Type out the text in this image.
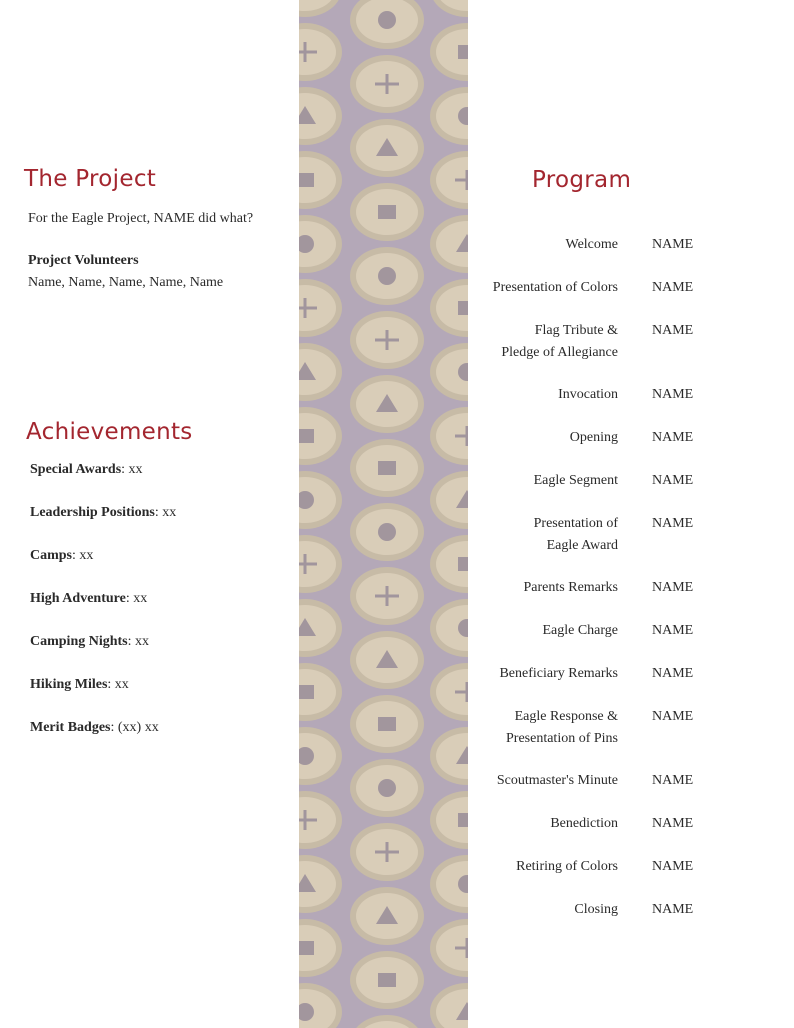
The Project
For the Eagle Project, NAME did what?
Project Volunteers
Name, Name, Name, Name, Name
Achievements
Special Awards: xx
Leadership Positions: xx
Camps: xx
High Adventure: xx
Camping Nights: xx
Hiking Miles: xx
Merit Badges: (xx) xx
Program
Welcome NAME
Presentation of Colors NAME
Flag Tribute &
Pledge of Allegiance
NAME
Invocation NAME
Opening NAME
Eagle Segment NAME
Presentation of
Eagle Award
NAME
Parents Remarks NAME
Eagle Charge NAME
Beneficiary Remarks NAME
Eagle Response &
Presentation of Pins
NAME
Scoutmaster's Minute NAME
Benediction NAME
Retiring of Colors NAME
Closing NAME
